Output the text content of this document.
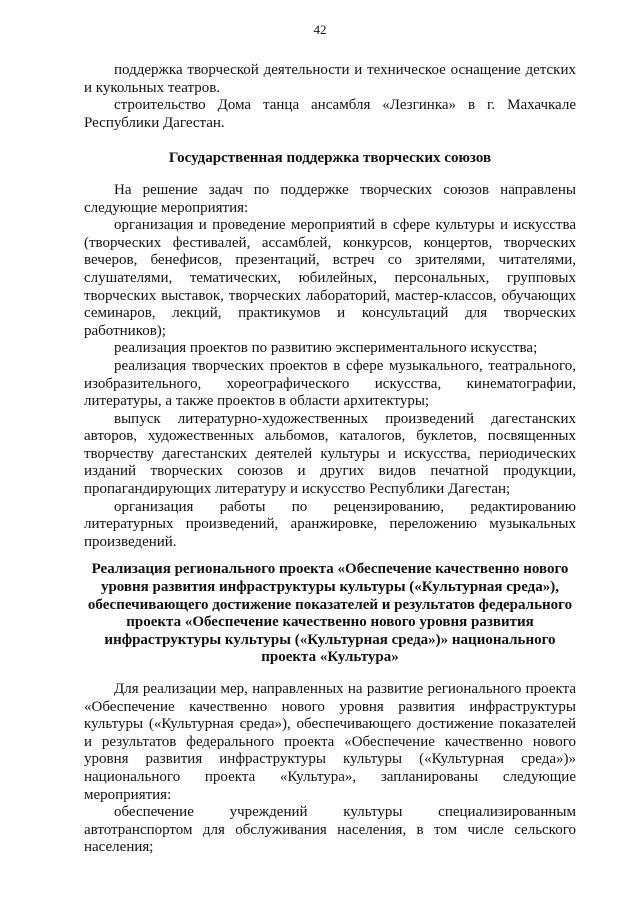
42

поддержка творческой деятельности и техническое оснащение детских и кукольных театров.

строительство Дома танца ансамбля «Лезгинка» в г. Махачкале Республики Дагестан.

Государственная поддержка творческих союзов

На решение задач по поддержке творческих союзов направлены следующие мероприятия:

организация и проведение мероприятий в сфере культуры и искусства (творческих фестивалей, ассамблей, конкурсов, концертов, творческих вечеров, бенефисов, презентаций, встреч со зрителями, читателями, слушателями, тематических, юбилейных, персональных, групповых творческих выставок, творческих лабораторий, мастер-классов, обучающих семинаров, лекций, практикумов и консультаций для творческих работников);

реализация проектов по развитию экспериментального искусства;

реализация творческих проектов в сфере музыкального, театрального, изобразительного, хореографического искусства, кинематографии, литературы, а также проектов в области архитектуры;

выпуск литературно-художественных произведений дагестанских авторов, художественных альбомов, каталогов, буклетов, посвященных творчеству дагестанских деятелей культуры и искусства, периодических изданий творческих союзов и других видов печатной продукции, пропагандирующих литературу и искусство Республики Дагестан;

организация работы по рецензированию, редактированию литературных произведений, аранжировке, переложению музыкальных произведений.

Реализация регионального проекта «Обеспечение качественно нового уровня развития инфраструктуры культуры («Культурная среда»), обеспечивающего достижение показателей и результатов федерального проекта «Обеспечение качественно нового уровня развития инфраструктуры культуры («Культурная среда»)» национального проекта «Культура»

Для реализации мер, направленных на развитие регионального проекта «Обеспечение качественно нового уровня развития инфраструктуры культуры («Культурная среда»), обеспечивающего достижение показателей и результатов федерального проекта «Обеспечение качественно нового уровня развития инфраструктуры культуры («Культурная среда»)» национального проекта «Культура», запланированы следующие мероприятия:

обеспечение учреждений культуры специализированным автотранспортом для обслуживания населения, в том числе сельского населения;
